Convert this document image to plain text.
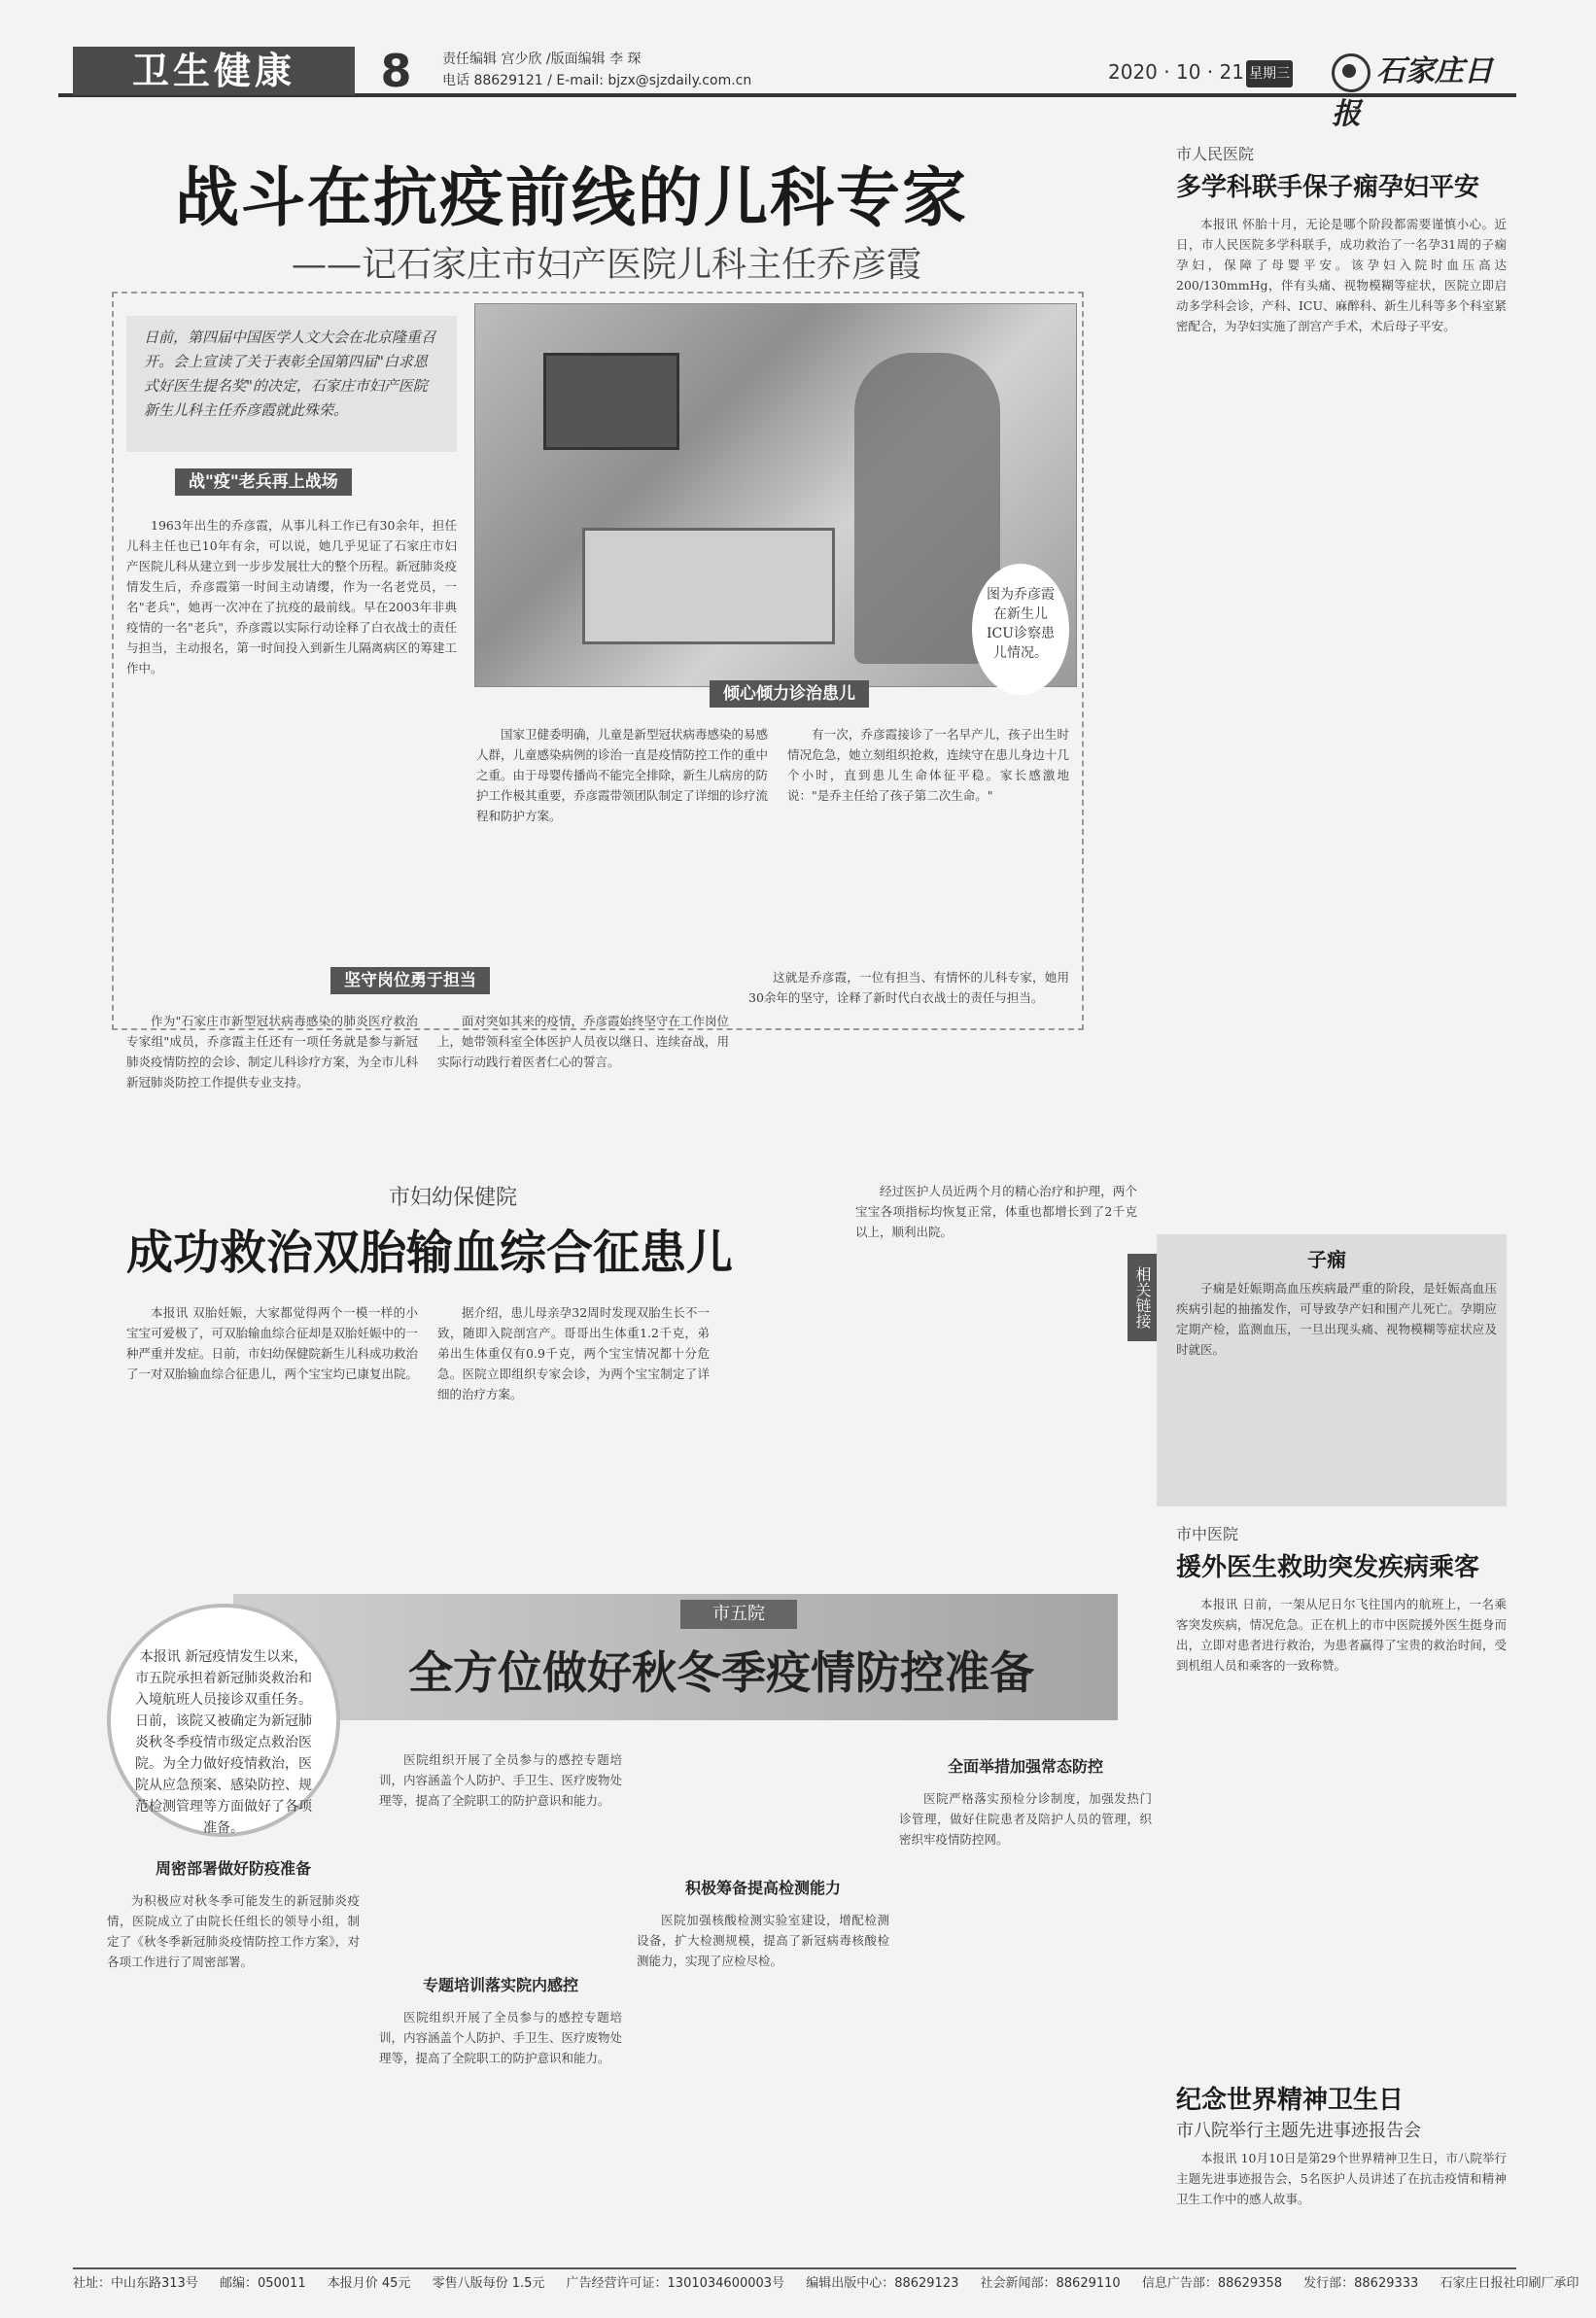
卫生健康	8	责任编辑 宫少欣 /版面编辑 李 琛
电话 88629121 / E-mail: bjzx@sjzdaily.com.cn	2020 · 10 · 21 星期三	石家庄日报
战斗在抗疫前线的儿科专家
——记石家庄市妇产医院儿科主任乔彦霞
日前，第四届中国医学人文大会在北京隆重召开。会上宣读了关于表彰全国第四届"白求恩式好医生提名奖"的决定，石家庄市妇产医院新生儿科主任乔彦霞就此殊荣。
图为乔彦霞在新生儿ICU诊察患儿情况。
战"疫"老兵再上战场

1963年出生的乔彦霞，从事儿科工作已有30余年，担任儿科主任也已10年有余，可以说，她几乎见证了石家庄市妇产医院儿科从建立到一步步发展壮大的整个历程。新冠肺炎疫情发生后，乔彦霞第一时间主动请缨，作为一名老党员，一名"老兵"，她再一次冲在了抗疫的最前线。早在2003年非典疫情的一名"老兵"，乔彦霞以实际行动诠释了白衣战士的责任与担当，主动报名，第一时间投入到新生儿隔离病区的筹建工作中。

倾心倾力诊治患儿

国家卫健委明确，儿童是新型冠状病毒感染的易感人群，儿童感染病例的诊治一直是疫情防控工作的重中之重。由于母婴传播尚不能完全排除，新生儿病房的防护工作极其重要，乔彦霞带领团队制定了详细的诊疗流程和防护方案。

有一次，乔彦霞接诊了一名早产儿，孩子出生时情况危急，她立刻组织抢救，连续守在患儿身边十几个小时，直到患儿生命体征平稳。家长感激地说："是乔主任给了孩子第二次生命。"

坚守岗位勇于担当

作为"石家庄市新型冠状病毒感染的肺炎医疗救治专家组"成员，乔彦霞主任还有一项任务就是参与新冠肺炎疫情防控的会诊、制定儿科诊疗方案，为全市儿科新冠肺炎防控工作提供专业支持。

面对突如其来的疫情，乔彦霞始终坚守在工作岗位上，她带领科室全体医护人员夜以继日、连续奋战，用实际行动践行着医者仁心的誓言。

这就是乔彦霞，一位有担当、有情怀的儿科专家，她用30余年的坚守，诠释了新时代白衣战士的责任与担当。

市人民医院
多学科联手保子痫孕妇平安

本报讯 怀胎十月，无论是哪个阶段都需要谨慎小心。近日，市人民医院多学科联手，成功救治了一名孕31周的子痫孕妇，保障了母婴平安。该孕妇入院时血压高达200/130mmHg，伴有头痛、视物模糊等症状，医院立即启动多学科会诊，产科、ICU、麻醉科、新生儿科等多个科室紧密配合，为孕妇实施了剖宫产手术，术后母子平安。

相关链接
子痫

子痫是妊娠期高血压疾病最严重的阶段，是妊娠高血压疾病引起的抽搐发作，可导致孕产妇和围产儿死亡。孕期应定期产检，监测血压，一旦出现头痛、视物模糊等症状应及时就医。

市中医院
援外医生救助突发疾病乘客

本报讯 日前，一架从尼日尔飞往国内的航班上，一名乘客突发疾病，情况危急。正在机上的市中医院援外医生挺身而出，立即对患者进行救治，为患者赢得了宝贵的救治时间，受到机组人员和乘客的一致称赞。

纪念世界精神卫生日
市八院举行主题先进事迹报告会

本报讯 10月10日是第29个世界精神卫生日，市八院举行主题先进事迹报告会，5名医护人员讲述了在抗击疫情和精神卫生工作中的感人故事。

市妇幼保健院
成功救治双胎输血综合征患儿

本报讯 双胎妊娠，大家都觉得两个一模一样的小宝宝可爱极了，可双胎输血综合征却是双胎妊娠中的一种严重并发症。日前，市妇幼保健院新生儿科成功救治了一对双胎输血综合征患儿，两个宝宝均已康复出院。

据介绍，患儿母亲孕32周时发现双胎生长不一致，随即入院剖宫产。哥哥出生体重1.2千克，弟弟出生体重仅有0.9千克，两个宝宝情况都十分危急。医院立即组织专家会诊，为两个宝宝制定了详细的治疗方案。

经过医护人员近两个月的精心治疗和护理，两个宝宝各项指标均恢复正常，体重也都增长到了2千克以上，顺利出院。

市五院
全方位做好秋冬季疫情防控准备
本报讯 新冠疫情发生以来，市五院承担着新冠肺炎救治和入境航班人员接诊双重任务。日前，该院又被确定为新冠肺炎秋冬季疫情市级定点救治医院。为全力做好疫情救治，医院从应急预案、感染防控、规范检测管理等方面做好了各项准备。
周密部署做好防疫准备

为积极应对秋冬季可能发生的新冠肺炎疫情，医院成立了由院长任组长的领导小组，制定了《秋冬季新冠肺炎疫情防控工作方案》，对各项工作进行了周密部署。

医院组织开展了全员参与的感控专题培训，内容涵盖个人防护、手卫生、医疗废物处理等，提高了全院职工的防护意识和能力。

专题培训落实院内感控

医院组织开展了全员参与的感控专题培训，内容涵盖个人防护、手卫生、医疗废物处理等，提高了全院职工的防护意识和能力。

积极筹备提高检测能力

医院加强核酸检测实验室建设，增配检测设备，扩大检测规模，提高了新冠病毒核酸检测能力，实现了应检尽检。

全面举措加强常态防控

医院严格落实预检分诊制度，加强发热门诊管理，做好住院患者及陪护人员的管理，织密织牢疫情防控网。

社址：中山东路313号 邮编：050011 本报月价 45元 零售八版每份 1.5元 广告经营许可证：1301034600003号 编辑出版中心：88629123 社会新闻部：88629110 信息广告部：88629358 发行部：88629333 石家庄日报社印刷厂承印
